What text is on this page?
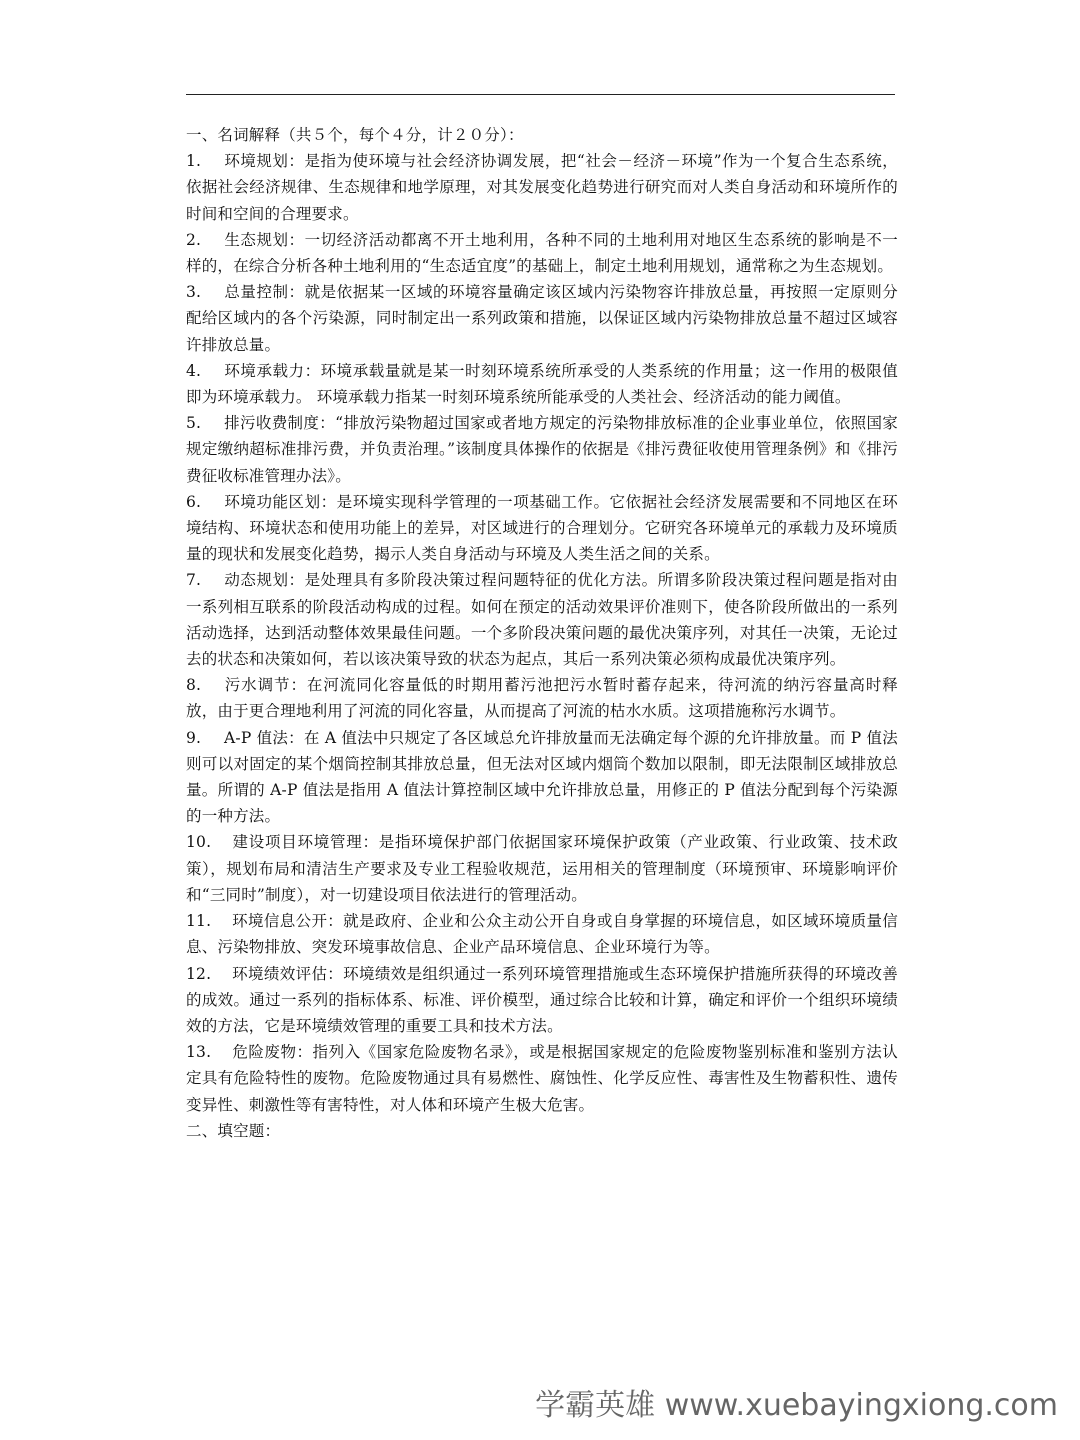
一、名词解释（共５个，每个４分，计２０分）：
1. 环境规划：是指为使环境与社会经济协调发展，把“社会－经济－环境”作为一个复合生态系统，依据社会经济规律、生态规律和地学原理，对其发展变化趋势进行研究而对人类自身活动和环境所作的时间和空间的合理要求。
2. 生态规划：一切经济活动都离不开土地利用，各种不同的土地利用对地区生态系统的影响是不一样的，在综合分析各种土地利用的“生态适宜度”的基础上，制定土地利用规划，通常称之为生态规划。
3. 总量控制：就是依据某一区域的环境容量确定该区域内污染物容许排放总量，再按照一定原则分配给区域内的各个污染源，同时制定出一系列政策和措施，以保证区域内污染物排放总量不超过区域容许排放总量。
4. 环境承载力：环境承载量就是某一时刻环境系统所承受的人类系统的作用量；这一作用的极限值即为环境承载力。 环境承载力指某一时刻环境系统所能承受的人类社会、经济活动的能力阈值。
5. 排污收费制度：“排放污染物超过国家或者地方规定的污染物排放标准的企业事业单位，依照国家规定缴纳超标准排污费，并负责治理。”该制度具体操作的依据是《排污费征收使用管理条例》和《排污费征收标准管理办法》。
6. 环境功能区划：是环境实现科学管理的一项基础工作。它依据社会经济发展需要和不同地区在环境结构、环境状态和使用功能上的差异，对区域进行的合理划分。它研究各环境单元的承载力及环境质量的现状和发展变化趋势，揭示人类自身活动与环境及人类生活之间的关系。
7. 动态规划：是处理具有多阶段决策过程问题特征的优化方法。所谓多阶段决策过程问题是指对由一系列相互联系的阶段活动构成的过程。如何在预定的活动效果评价准则下，使各阶段所做出的一系列活动选择，达到活动整体效果最佳问题。一个多阶段决策问题的最优决策序列，对其任一决策，无论过去的状态和决策如何，若以该决策导致的状态为起点，其后一系列决策必须构成最优决策序列。
8. 污水调节：在河流同化容量低的时期用蓄污池把污水暂时蓄存起来，待河流的纳污容量高时释放，由于更合理地利用了河流的同化容量，从而提高了河流的枯水水质。这项措施称污水调节。
9. A-P 值法：在 A 值法中只规定了各区域总允许排放量而无法确定每个源的允许排放量。而 P 值法则可以对固定的某个烟筒控制其排放总量，但无法对区域内烟筒个数加以限制，即无法限制区域排放总量。所谓的 A-P 值法是指用 A 值法计算控制区域中允许排放总量，用修正的 P 值法分配到每个污染源的一种方法。
10. 建设项目环境管理：是指环境保护部门依据国家环境保护政策（产业政策、行业政策、技术政策），规划布局和清洁生产要求及专业工程验收规范，运用相关的管理制度（环境预审、环境影响评价和“三同时”制度），对一切建设项目依法进行的管理活动。
11. 环境信息公开：就是政府、企业和公众主动公开自身或自身掌握的环境信息，如区域环境质量信息、污染物排放、突发环境事故信息、企业产品环境信息、企业环境行为等。
12. 环境绩效评估：环境绩效是组织通过一系列环境管理措施或生态环境保护措施所获得的环境改善的成效。通过一系列的指标体系、标准、评价模型，通过综合比较和计算，确定和评价一个组织环境绩效的方法，它是环境绩效管理的重要工具和技术方法。
13. 危险废物：指列入《国家危险废物名录》，或是根据国家规定的危险废物鉴别标准和鉴别方法认定具有危险特性的废物。危险废物通过具有易燃性、腐蚀性、化学反应性、毒害性及生物蓄积性、遗传变异性、刺激性等有害特性，对人体和环境产生极大危害。
二、填空题：
学霸英雄 www.xuebayingxiong.com
